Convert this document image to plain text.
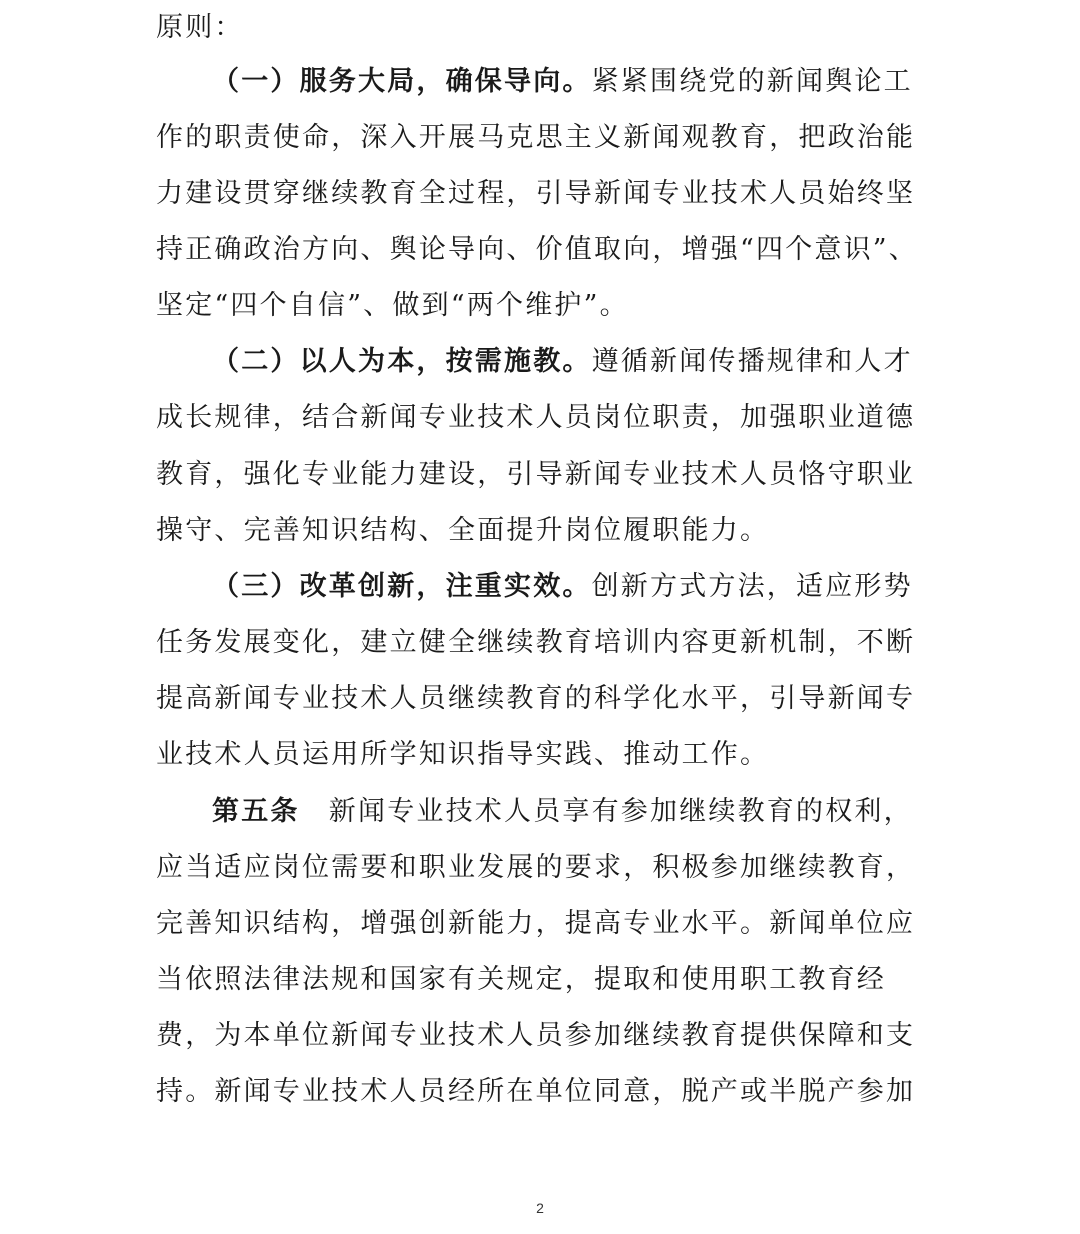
原则：
（一）服务大局，确保导向。紧紧围绕党的新闻舆论工
作的职责使命，深入开展马克思主义新闻观教育，把政治能
力建设贯穿继续教育全过程，引导新闻专业技术人员始终坚
持正确政治方向、舆论导向、价值取向，增强“四个意识”、
坚定“四个自信”、做到“两个维护”。
（二）以人为本，按需施教。遵循新闻传播规律和人才
成长规律，结合新闻专业技术人员岗位职责，加强职业道德
教育，强化专业能力建设，引导新闻专业技术人员恪守职业
操守、完善知识结构、全面提升岗位履职能力。
（三）改革创新，注重实效。创新方式方法，适应形势
任务发展变化，建立健全继续教育培训内容更新机制，不断
提高新闻专业技术人员继续教育的科学化水平，引导新闻专
业技术人员运用所学知识指导实践、推动工作。
第五条　新闻专业技术人员享有参加继续教育的权利，
应当适应岗位需要和职业发展的要求，积极参加继续教育，
完善知识结构，增强创新能力，提高专业水平。新闻单位应
当依照法律法规和国家有关规定，提取和使用职工教育经
费，为本单位新闻专业技术人员参加继续教育提供保障和支
持。新闻专业技术人员经所在单位同意，脱产或半脱产参加
2
